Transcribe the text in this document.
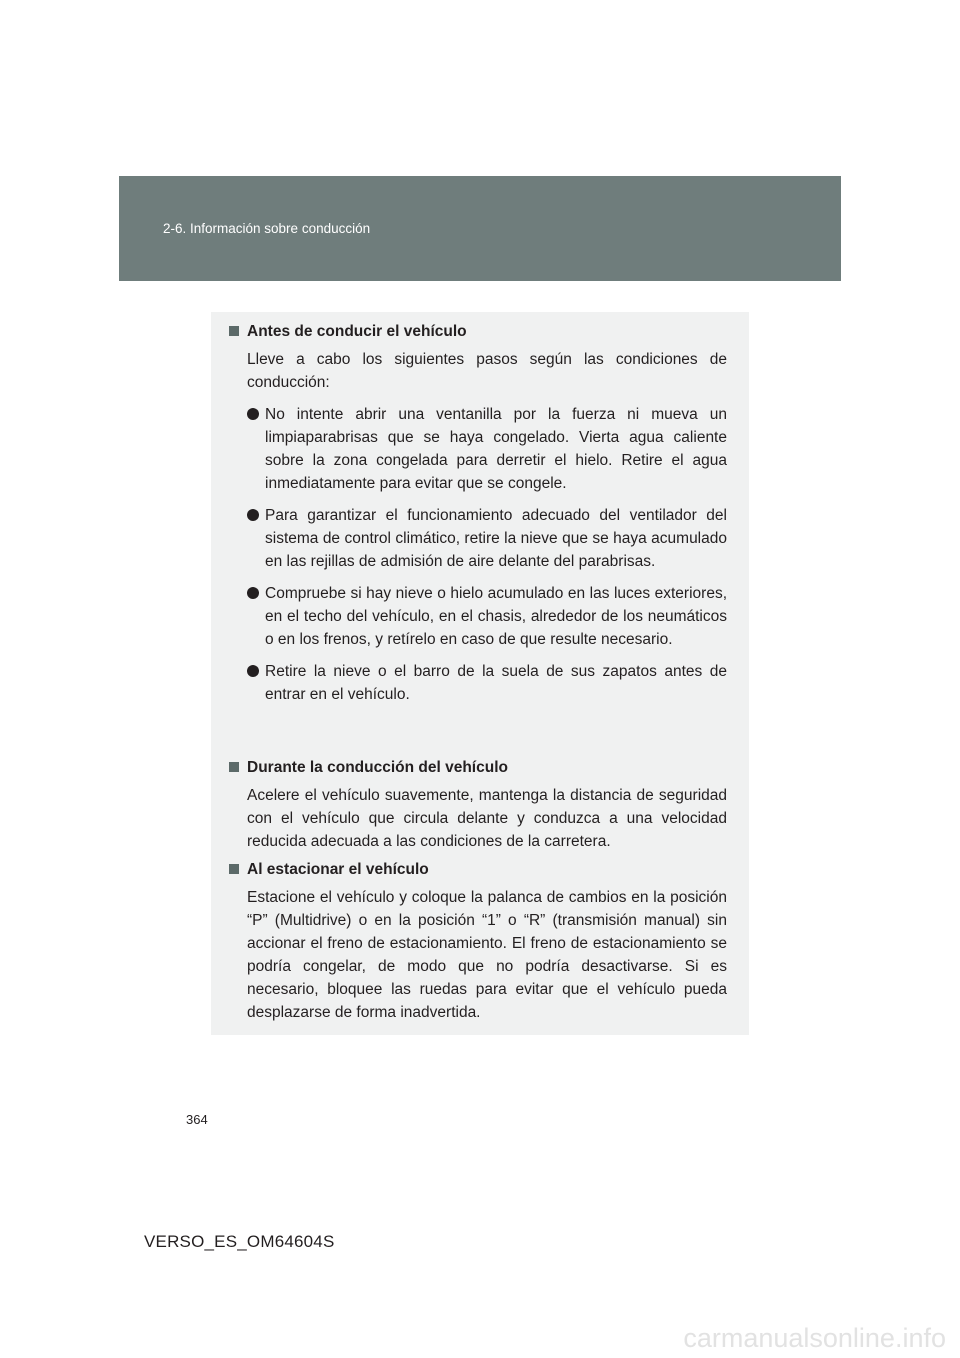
2-6. Información sobre conducción
Antes de conducir el vehículo

Lleve a cabo los siguientes pasos según las condiciones de conducción:

No intente abrir una ventanilla por la fuerza ni mueva un limpiaparabrisas que se haya congelado. Vierta agua caliente sobre la zona congelada para derretir el hielo. Retire el agua inmediatamente para evitar que se congele.
Para garantizar el funcionamiento adecuado del ventilador del sistema de control climático, retire la nieve que se haya acumulado en las rejillas de admisión de aire delante del parabrisas.
Compruebe si hay nieve o hielo acumulado en las luces exteriores, en el techo del vehículo, en el chasis, alrededor de los neumáticos o en los frenos, y retírelo en caso de que resulte necesario.
Retire la nieve o el barro de la suela de sus zapatos antes de entrar en el vehículo.
Durante la conducción del vehículo

Acelere el vehículo suavemente, mantenga la distancia de seguridad con el vehículo que circula delante y conduzca a una velocidad reducida adecuada a las condiciones de la carretera.

Al estacionar el vehículo

Estacione el vehículo y coloque la palanca de cambios en la posición “P” (Multidrive) o en la posición “1” o “R” (transmisión manual) sin accionar el freno de estacionamiento. El freno de estacionamiento se podría congelar, de modo que no podría desactivarse. Si es necesario, bloquee las ruedas para evitar que el vehículo pueda desplazarse de forma inadvertida.

364
VERSO_ES_OM64604S
carmanualsonline.info
